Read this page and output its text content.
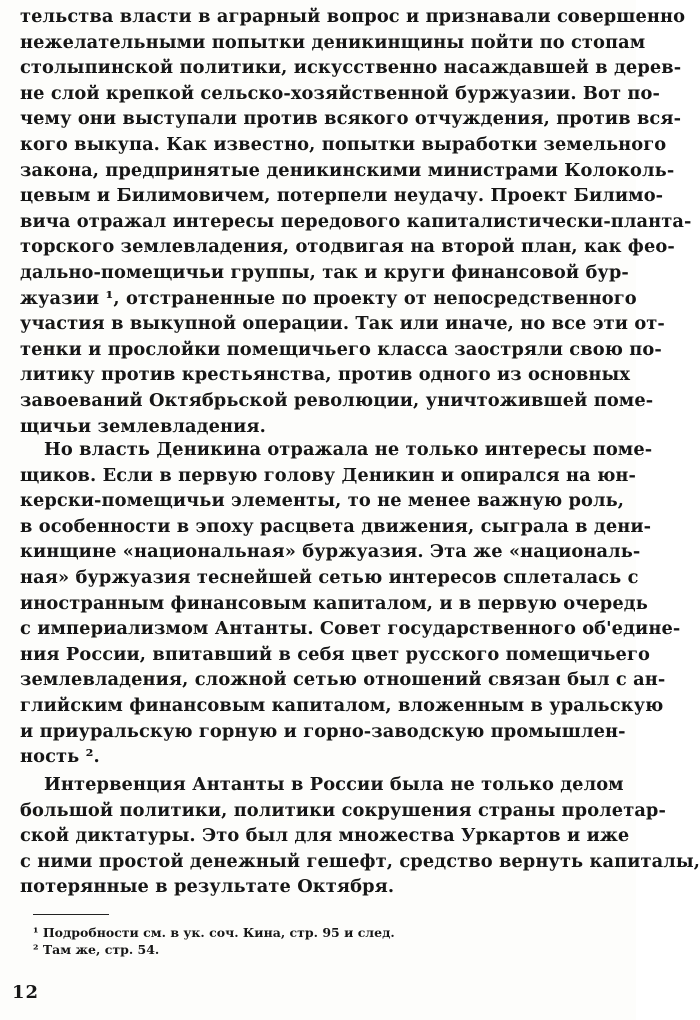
тельства власти в аграрный вопрос и признавали совершенно
нежелательными попытки деникинщины пойти по стопам
столыпинской политики, искусственно насаждавшей в дерев-
не слой крепкой сельско-хозяйственной буржуазии. Вот по-
чему они выступали против всякого отчуждения, против вся-
кого выкупа. Как известно, попытки выработки земельного
закона, предпринятые деникинскими министрами Колоколь-
цевым и Билимовичем, потерпели неудачу. Проект Билимо-
вича отражал интересы передового капиталистически-планта-
торского землевладения, отодвигая на второй план, как фео-
дально-помещичьи группы, так и круги финансовой бур-
жуазии ¹, отстраненные по проекту от непосредственного
участия в выкупной операции. Так или иначе, но все эти от-
тенки и прослойки помещичьего класса заостряли свою по-
литику против крестьянства, против одного из основных
завоеваний Октябрьской революции, уничтожившей поме-
щичьи землевладения.
Но власть Деникина отражала не только интересы поме-
щиков. Если в первую голову Деникин и опирался на юн-
керски-помещичьи элементы, то не менее важную роль,
в особенности в эпоху расцвета движения, сыграла в дени-
кинщине «национальная» буржуазия. Эта же «националь-
ная» буржуазия теснейшей сетью интересов сплеталась с
иностранным финансовым капиталом, и в первую очередь
с империализмом Антанты. Совет государственного об'едине-
ния России, впитавший в себя цвет русского помещичьего
землевладения, сложной сетью отношений связан был с ан-
глийским финансовым капиталом, вложенным в уральскую
и приуральскую горную и горно-заводскую промышлен-
ность ².
Интервенция Антанты в России была не только делом
большой политики, политики сокрушения страны пролетар-
ской диктатуры. Это был для множества Уркартов и иже
с ними простой денежный гешефт, средство вернуть капиталы,
потерянные в результате Октября.
¹ Подробности см. в ук. соч. Кина, стр. 95 и след.
² Там же, стр. 54.
12
